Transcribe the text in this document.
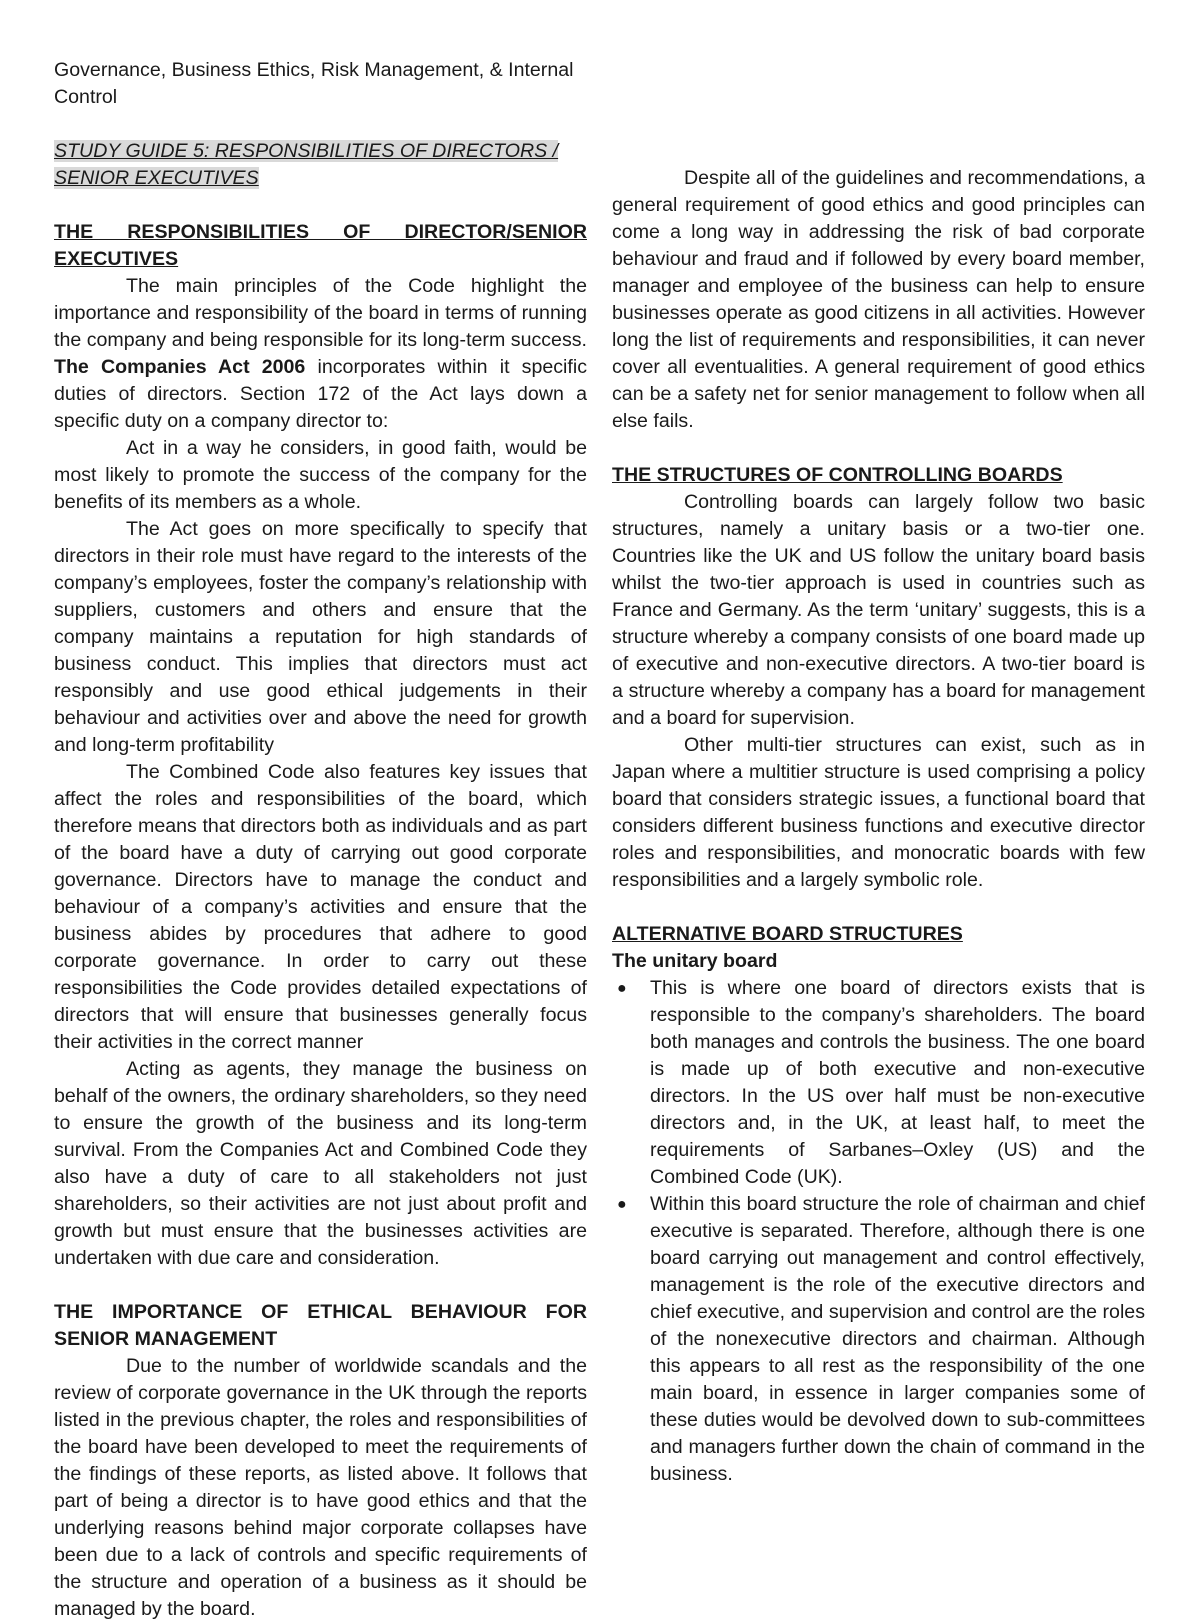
Governance, Business Ethics, Risk Management, & Internal Control

STUDY GUIDE 5: RESPONSIBILITIES OF DIRECTORS / SENIOR EXECUTIVES

THE RESPONSIBILITIES OF DIRECTOR/SENIOR EXECUTIVES

The main principles of the Code highlight the importance and responsibility of the board in terms of running the company and being responsible for its long-term success. The Companies Act 2006 incorporates within it specific duties of directors. Section 172 of the Act lays down a specific duty on a company director to:

Act in a way he considers, in good faith, would be most likely to promote the success of the company for the benefits of its members as a whole.

The Act goes on more specifically to specify that directors in their role must have regard to the interests of the company’s employees, foster the company’s relationship with suppliers, customers and others and ensure that the company maintains a reputation for high standards of business conduct. This implies that directors must act responsibly and use good ethical judgements in their behaviour and activities over and above the need for growth and long-term profitability

The Combined Code also features key issues that affect the roles and responsibilities of the board, which therefore means that directors both as individuals and as part of the board have a duty of carrying out good corporate governance. Directors have to manage the conduct and behaviour of a company’s activities and ensure that the business abides by procedures that adhere to good corporate governance. In order to carry out these responsibilities the Code provides detailed expectations of directors that will ensure that businesses generally focus their activities in the correct manner

Acting as agents, they manage the business on behalf of the owners, the ordinary shareholders, so they need to ensure the growth of the business and its long-term survival. From the Companies Act and Combined Code they also have a duty of care to all stakeholders not just shareholders, so their activities are not just about profit and growth but must ensure that the businesses activities are undertaken with due care and consideration.

THE IMPORTANCE OF ETHICAL BEHAVIOUR FOR SENIOR MANAGEMENT

Due to the number of worldwide scandals and the review of corporate governance in the UK through the reports listed in the previous chapter, the roles and responsibilities of the board have been developed to meet the requirements of the findings of these reports, as listed above. It follows that part of being a director is to have good ethics and that the underlying reasons behind major corporate collapses have been due to a lack of controls and specific requirements of the structure and operation of a business as it should be managed by the board.

Despite all of the guidelines and recommendations, a general requirement of good ethics and good principles can come a long way in addressing the risk of bad corporate behaviour and fraud and if followed by every board member, manager and employee of the business can help to ensure businesses operate as good citizens in all activities. However long the list of requirements and responsibilities, it can never cover all eventualities. A general requirement of good ethics can be a safety net for senior management to follow when all else fails.

THE STRUCTURES OF CONTROLLING BOARDS

Controlling boards can largely follow two basic structures, namely a unitary basis or a two-tier one. Countries like the UK and US follow the unitary board basis whilst the two-tier approach is used in countries such as France and Germany. As the term ‘unitary’ suggests, this is a structure whereby a company consists of one board made up of executive and non-executive directors. A two-tier board is a structure whereby a company has a board for management and a board for supervision.

Other multi-tier structures can exist, such as in Japan where a multitier structure is used comprising a policy board that considers strategic issues, a functional board that considers different business functions and executive director roles and responsibilities, and monocratic boards with few responsibilities and a largely symbolic role.

ALTERNATIVE BOARD STRUCTURES

The unitary board

● This is where one board of directors exists that is responsible to the company’s shareholders. The board both manages and controls the business. The one board is made up of both executive and non-executive directors. In the US over half must be non-executive directors and, in the UK, at least half, to meet the requirements of Sarbanes–Oxley (US) and the Combined Code (UK).
● Within this board structure the role of chairman and chief executive is separated. Therefore, although there is one board carrying out management and control effectively, management is the role of the executive directors and chief executive, and supervision and control are the roles of the nonexecutive directors and chairman. Although this appears to all rest as the responsibility of the one main board, in essence in larger companies some of these duties would be devolved down to sub-committees and managers further down the chain of command in the business.
